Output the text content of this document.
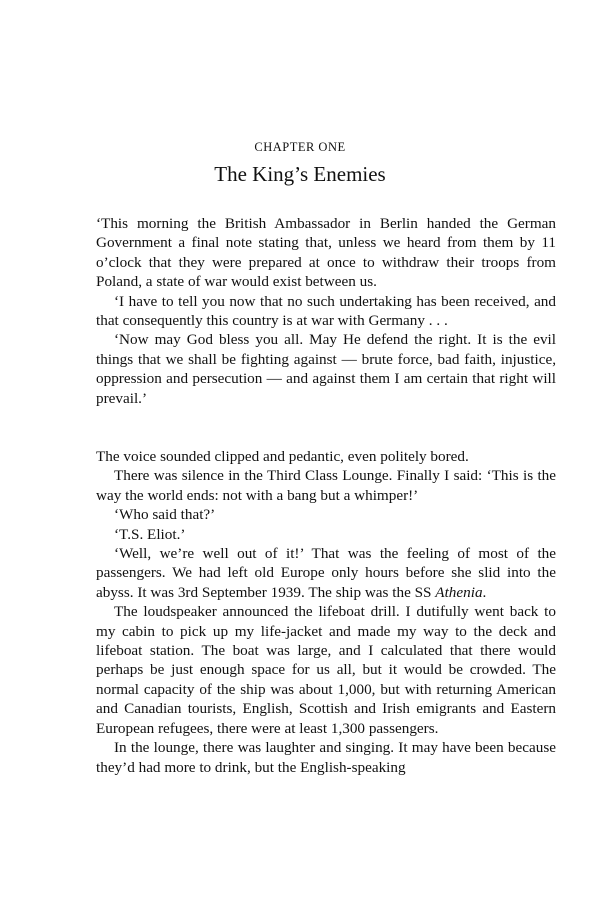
CHAPTER ONE
The King’s Enemies

‘This morning the British Ambassador in Berlin handed the German Government a final note stating that, unless we heard from them by 11 o’clock that they were prepared at once to withdraw their troops from Poland, a state of war would exist between us.

‘I have to tell you now that no such undertaking has been received, and that consequently this country is at war with Germany . . .

‘Now may God bless you all. May He defend the right. It is the evil things that we shall be fighting against — brute force, bad faith, injustice, oppression and persecution — and against them I am certain that right will prevail.’

The voice sounded clipped and pedantic, even politely bored.

There was silence in the Third Class Lounge. Finally I said: ‘This is the way the world ends: not with a bang but a whimper!’

‘Who said that?’

‘T.S. Eliot.’

‘Well, we’re well out of it!’ That was the feeling of most of the passengers. We had left old Europe only hours before she slid into the abyss. It was 3rd September 1939. The ship was the SS Athenia.

The loudspeaker announced the lifeboat drill. I dutifully went back to my cabin to pick up my life-jacket and made my way to the deck and lifeboat station. The boat was large, and I calculated that there would perhaps be just enough space for us all, but it would be crowded. The normal capacity of the ship was about 1,000, but with returning American and Canadian tourists, English, Scottish and Irish emigrants and Eastern European refugees, there were at least 1,300 passengers.

In the lounge, there was laughter and singing. It may have been because they’d had more to drink, but the English-speaking
